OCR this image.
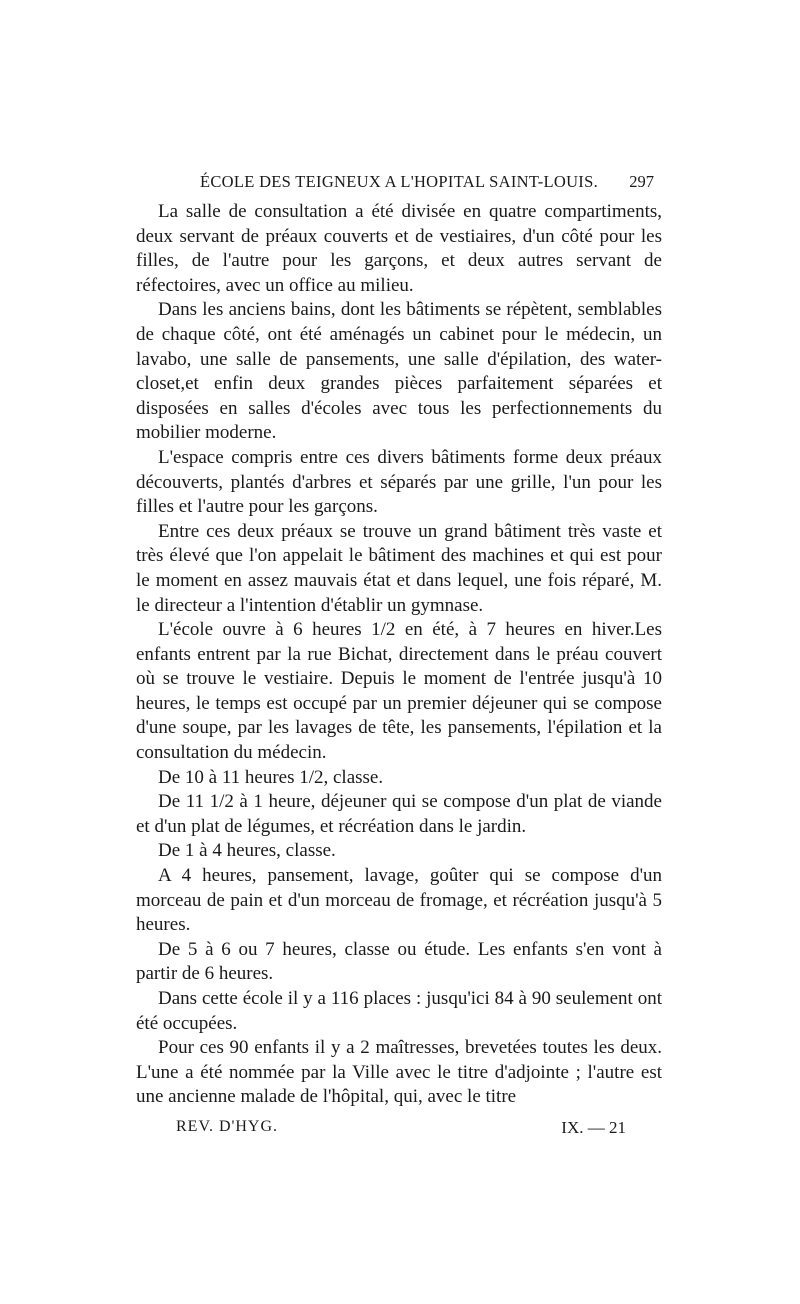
ÉCOLE DES TEIGNEUX A L'HOPITAL SAINT-LOUIS. 297

La salle de consultation a été divisée en quatre compartiments, deux servant de préaux couverts et de vestiaires, d'un côté pour les filles, de l'autre pour les garçons, et deux autres servant de réfectoires, avec un office au milieu.

Dans les anciens bains, dont les bâtiments se répètent, semblables de chaque côté, ont été aménagés un cabinet pour le médecin, un lavabo, une salle de pansements, une salle d'épilation, des water-closet,et enfin deux grandes pièces parfaitement séparées et disposées en salles d'écoles avec tous les perfectionnements du mobilier moderne.

L'espace compris entre ces divers bâtiments forme deux préaux découverts, plantés d'arbres et séparés par une grille, l'un pour les filles et l'autre pour les garçons.

Entre ces deux préaux se trouve un grand bâtiment très vaste et très élevé que l'on appelait le bâtiment des machines et qui est pour le moment en assez mauvais état et dans lequel, une fois réparé, M. le directeur a l'intention d'établir un gymnase.

L'école ouvre à 6 heures 1/2 en été, à 7 heures en hiver.Les enfants entrent par la rue Bichat, directement dans le préau couvert où se trouve le vestiaire. Depuis le moment de l'entrée jusqu'à 10 heures, le temps est occupé par un premier déjeuner qui se compose d'une soupe, par les lavages de tête, les pansements, l'épilation et la consultation du médecin.

De 10 à 11 heures 1/2, classe.

De 11 1/2 à 1 heure, déjeuner qui se compose d'un plat de viande et d'un plat de légumes, et récréation dans le jardin.

De 1 à 4 heures, classe.

A 4 heures, pansement, lavage, goûter qui se compose d'un morceau de pain et d'un morceau de fromage, et récréation jusqu'à 5 heures.

De 5 à 6 ou 7 heures, classe ou étude. Les enfants s'en vont à partir de 6 heures.

Dans cette école il y a 116 places : jusqu'ici 84 à 90 seulement ont été occupées.

Pour ces 90 enfants il y a 2 maîtresses, brevetées toutes les deux. L'une a été nommée par la Ville avec le titre d'adjointe ; l'autre est une ancienne malade de l'hôpital, qui, avec le titre

REV. D'HYG.	IX. — 21
